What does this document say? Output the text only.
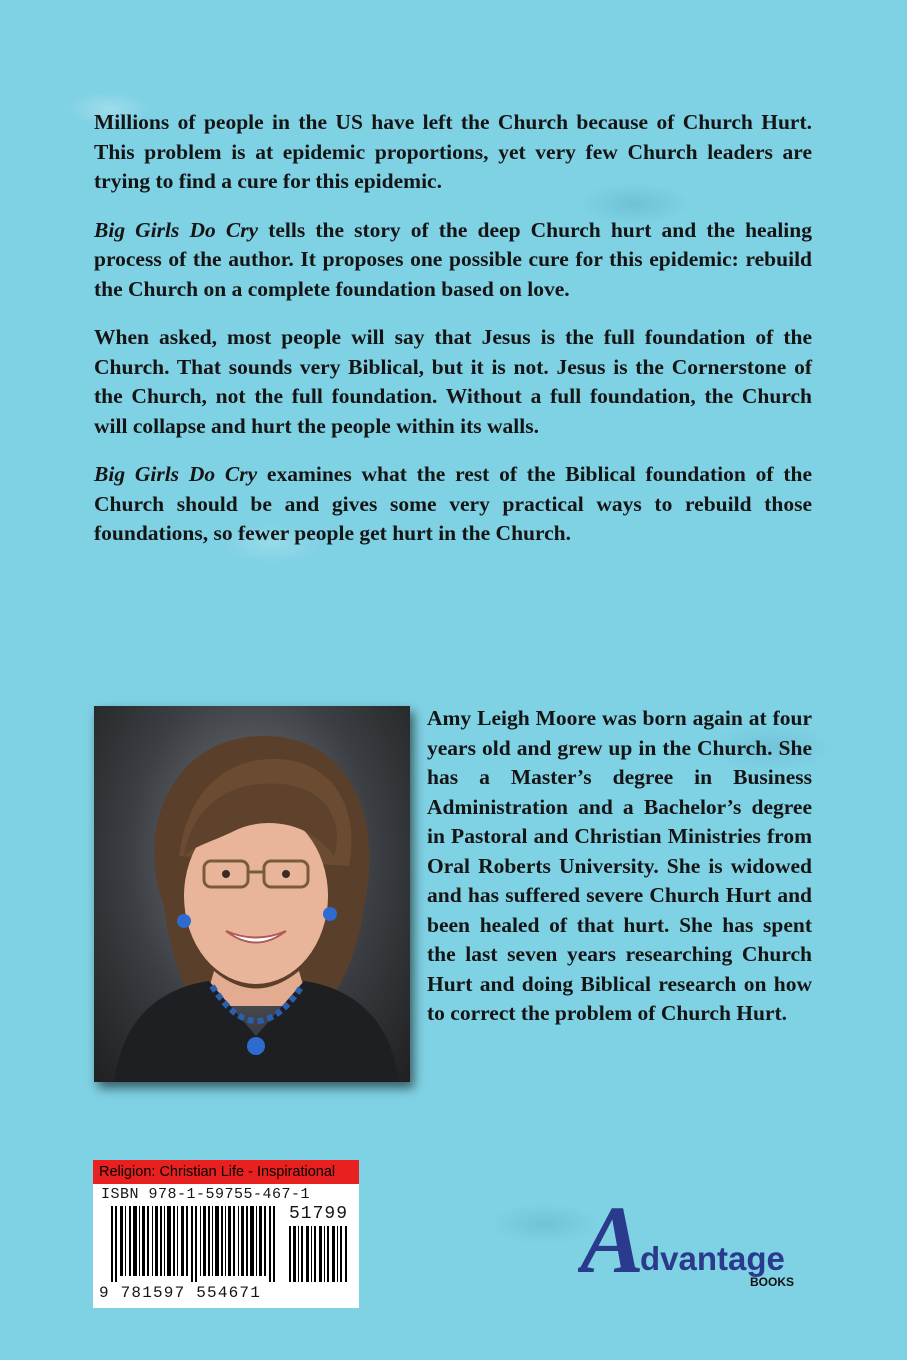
Millions of people in the US have left the Church because of Church Hurt. This problem is at epidemic proportions, yet very few Church leaders are trying to find a cure for this epidemic.

Big Girls Do Cry tells the story of the deep Church hurt and the healing process of the author. It proposes one possible cure for this epidemic: rebuild the Church on a complete foundation based on love.

When asked, most people will say that Jesus is the full foundation of the Church. That sounds very Biblical, but it is not. Jesus is the Cornerstone of the Church, not the full foundation. Without a full foundation, the Church will collapse and hurt the people within its walls.

Big Girls Do Cry examines what the rest of the Biblical foundation of the Church should be and gives some very practical ways to rebuild those foundations, so fewer people get hurt in the Church.

Amy Leigh Moore was born again at four years old and grew up in the Church. She has a Master’s degree in Business Administration and a Bachelor’s degree in Pastoral and Christian Ministries from Oral Roberts University. She is widowed and has suffered severe Church Hurt and been healed of that hurt. She has spent the last seven years researching Church Hurt and doing Biblical research on how to correct the problem of Church Hurt.

Religion: Christian Life - Inspirational
ISBN 978-1-59755-467-1
51799
9 781597 554671	A
dvantage
BOOKS
